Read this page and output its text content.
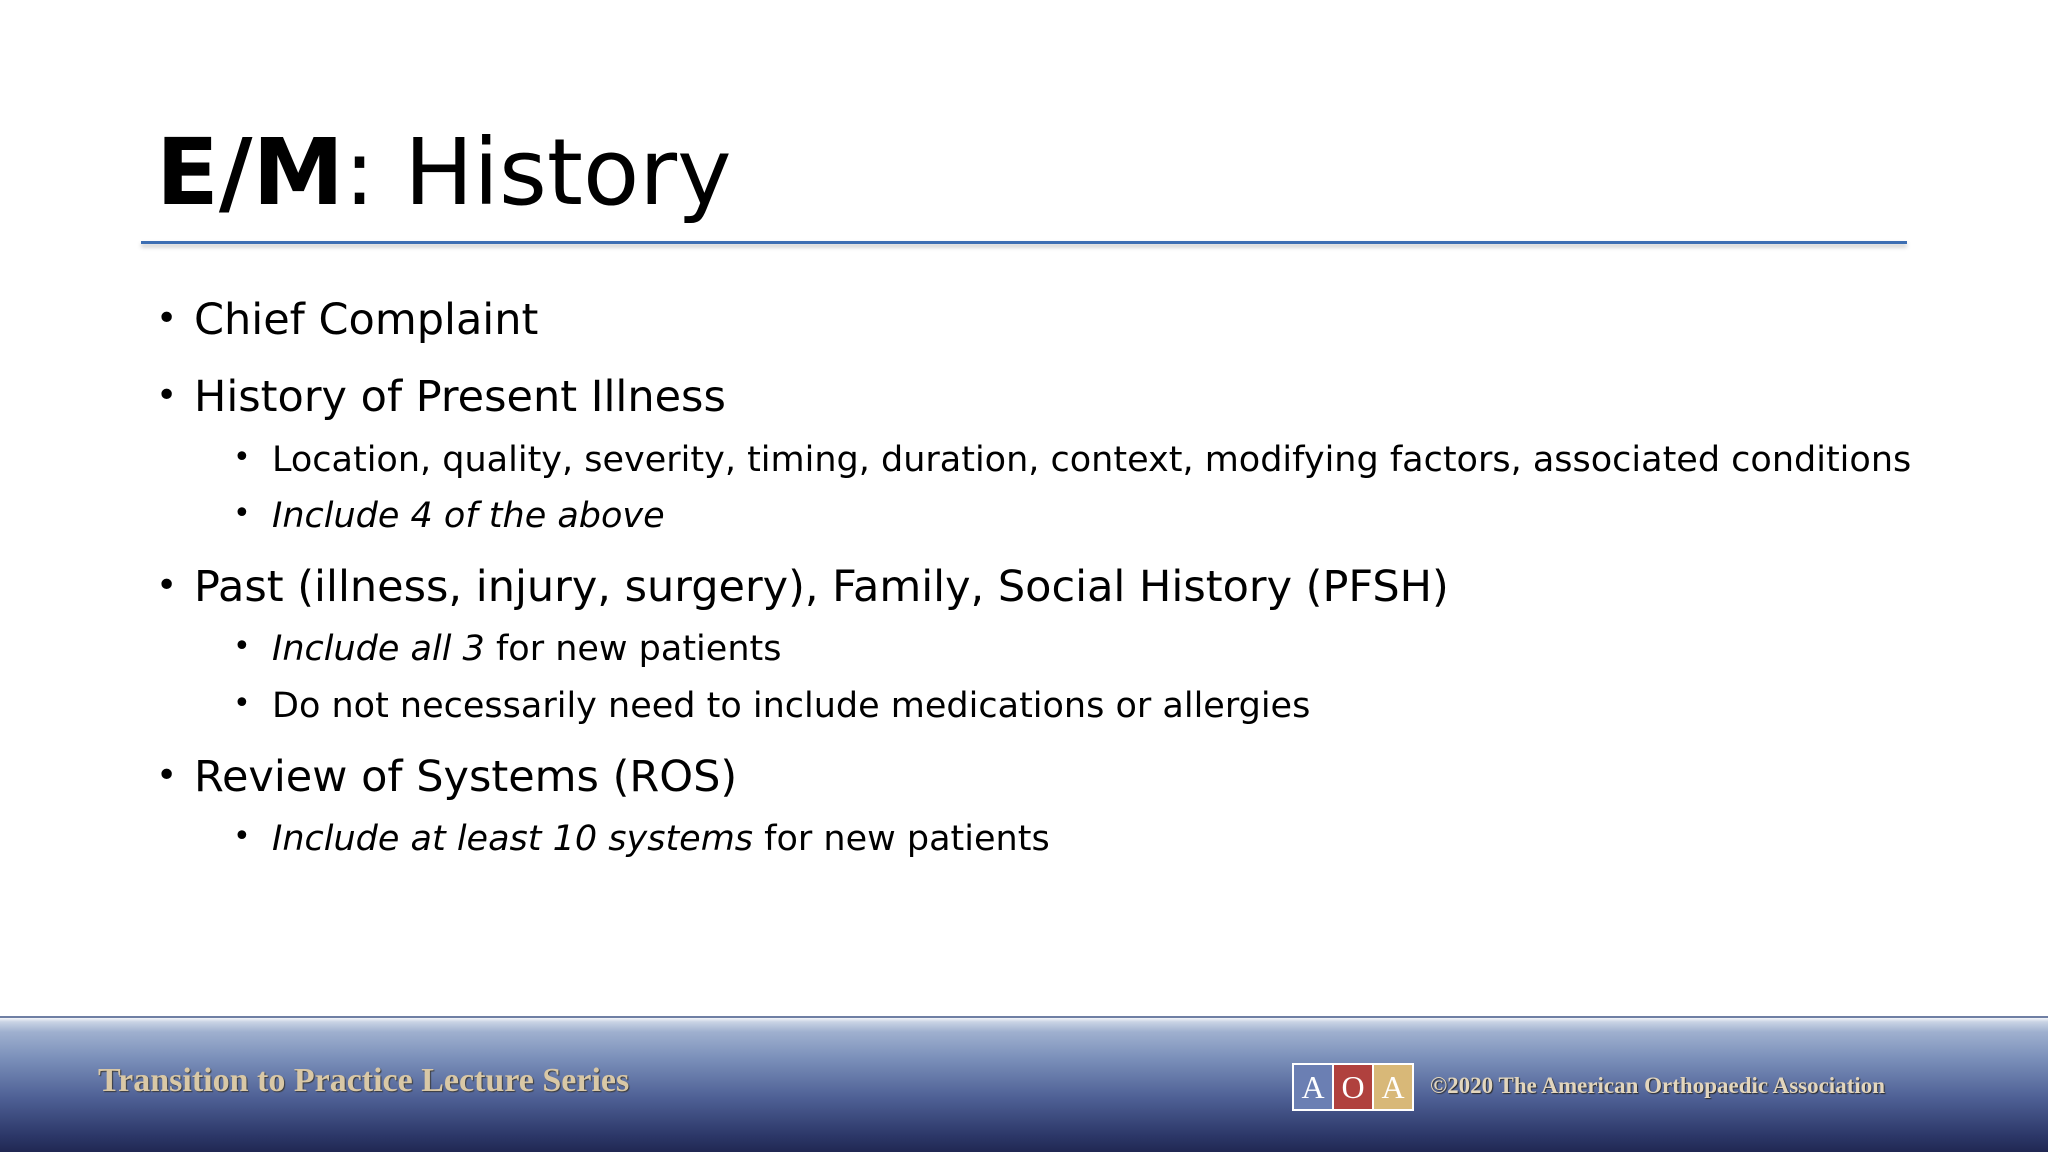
E/M: History
• Chief Complaint
• History of Present Illness
• Location, quality, severity, timing, duration, context, modifying factors, associated conditions
• Include 4 of the above
• Past (illness, injury, surgery), Family, Social History (PFSH)
• Include all 3 for new patients
• Do not necessarily need to include medications or allergies
• Review of Systems (ROS)
• Include at least 10 systems for new patients
Transition to Practice Lecture Series	A O A	©2020 The American Orthopaedic Association
